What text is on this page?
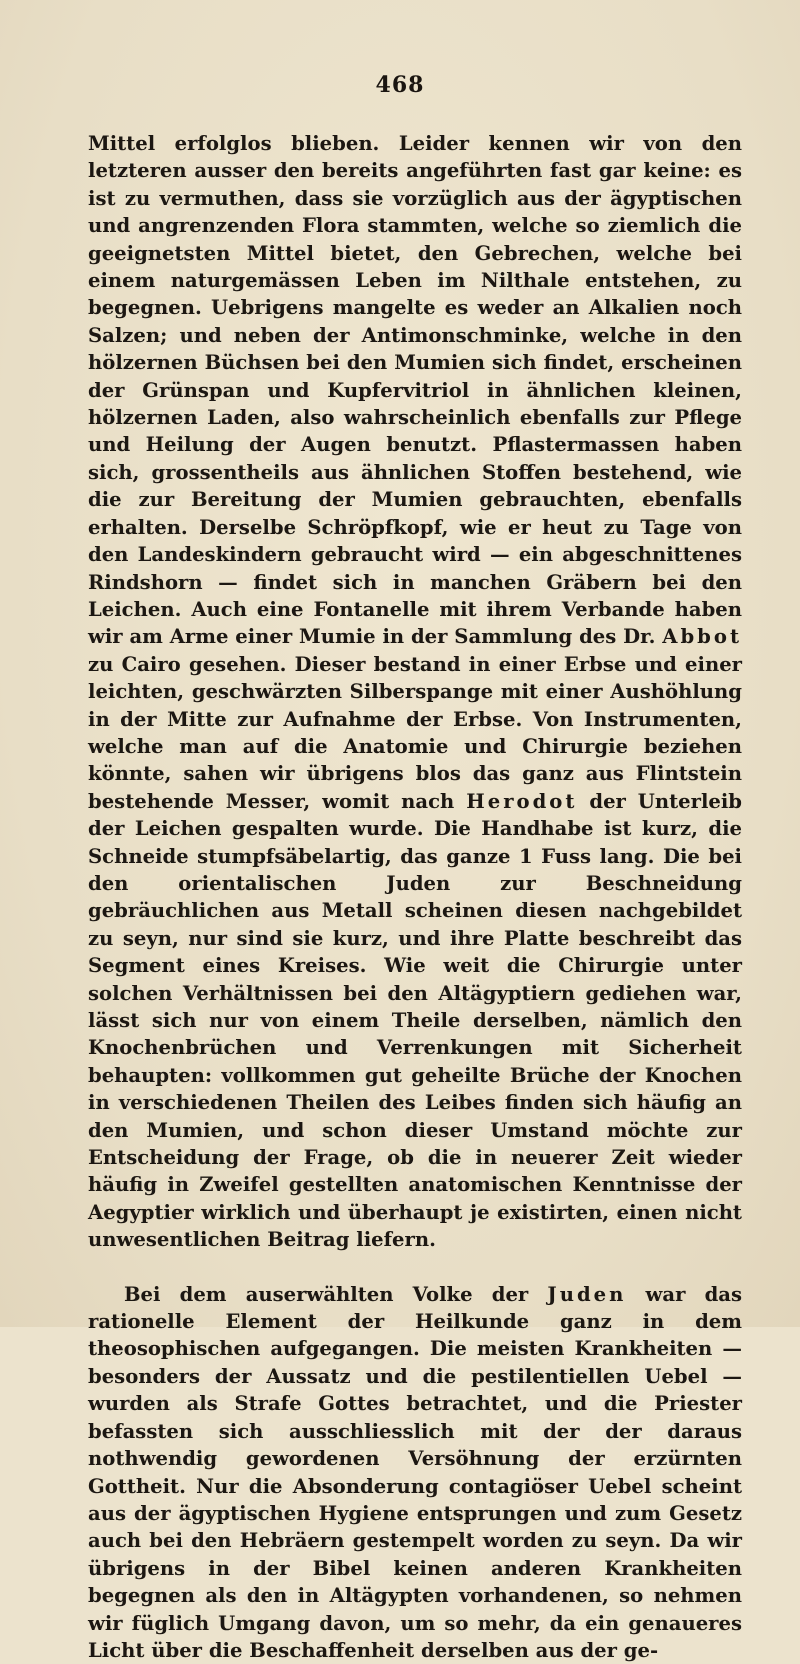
468

Mittel erfolglos blieben. Leider kennen wir von den letzteren ausser den bereits angeführten fast gar keine: es ist zu vermuthen, dass sie vorzüglich aus der ägyptischen und angrenzenden Flora stammten, welche so ziemlich die geeignetsten Mittel bietet, den Gebrechen, welche bei einem naturgemässen Leben im Nilthale entstehen, zu begegnen. Uebrigens mangelte es weder an Alkalien noch Salzen; und neben der Antimonschminke, welche in den hölzernen Büchsen bei den Mumien sich findet, erscheinen der Grünspan und Kupfervitriol in ähnlichen kleinen, hölzernen Laden, also wahrscheinlich ebenfalls zur Pflege und Heilung der Augen benutzt. Pflastermassen haben sich, grossentheils aus ähnlichen Stoffen bestehend, wie die zur Bereitung der Mumien gebrauchten, ebenfalls erhalten. Derselbe Schröpfkopf, wie er heut zu Tage von den Landeskindern gebraucht wird — ein abgeschnittenes Rindshorn — findet sich in manchen Gräbern bei den Leichen. Auch eine Fontanelle mit ihrem Verbande haben wir am Arme einer Mumie in der Sammlung des Dr. Abbot zu Cairo gesehen. Dieser bestand in einer Erbse und einer leichten, geschwärzten Silberspange mit einer Aushöhlung in der Mitte zur Aufnahme der Erbse. Von Instrumenten, welche man auf die Anatomie und Chirurgie beziehen könnte, sahen wir übrigens blos das ganz aus Flintstein bestehende Messer, womit nach Herodot der Unterleib der Leichen gespalten wurde. Die Handhabe ist kurz, die Schneide stumpfsäbelartig, das ganze 1 Fuss lang. Die bei den orientalischen Juden zur Beschneidung gebräuchlichen aus Metall scheinen diesen nachgebildet zu seyn, nur sind sie kurz, und ihre Platte beschreibt das Segment eines Kreises. Wie weit die Chirurgie unter solchen Verhältnissen bei den Altägyptiern gediehen war, lässt sich nur von einem Theile derselben, nämlich den Knochenbrüchen und Verrenkungen mit Sicherheit behaupten: vollkommen gut geheilte Brüche der Knochen in verschiedenen Theilen des Leibes finden sich häufig an den Mumien, und schon dieser Umstand möchte zur Entscheidung der Frage, ob die in neuerer Zeit wieder häufig in Zweifel gestellten anatomischen Kenntnisse der Aegyptier wirklich und überhaupt je existirten, einen nicht unwesentlichen Beitrag liefern.

Bei dem auserwählten Volke der Juden war das rationelle Element der Heilkunde ganz in dem theosophischen aufgegangen. Die meisten Krankheiten — besonders der Aussatz und die pestilentiellen Uebel — wurden als Strafe Gottes betrachtet, und die Priester befassten sich ausschliesslich mit der der daraus nothwendig gewordenen Versöhnung der erzürnten Gottheit. Nur die Absonderung contagiöser Uebel scheint aus der ägyptischen Hygiene entsprungen und zum Gesetz auch bei den Hebräern gestempelt worden zu seyn. Da wir übrigens in der Bibel keinen anderen Krankheiten begegnen als den in Altägypten vorhandenen, so nehmen wir füglich Umgang davon, um so mehr, da ein genaueres Licht über die Beschaffenheit derselben aus der ge-
